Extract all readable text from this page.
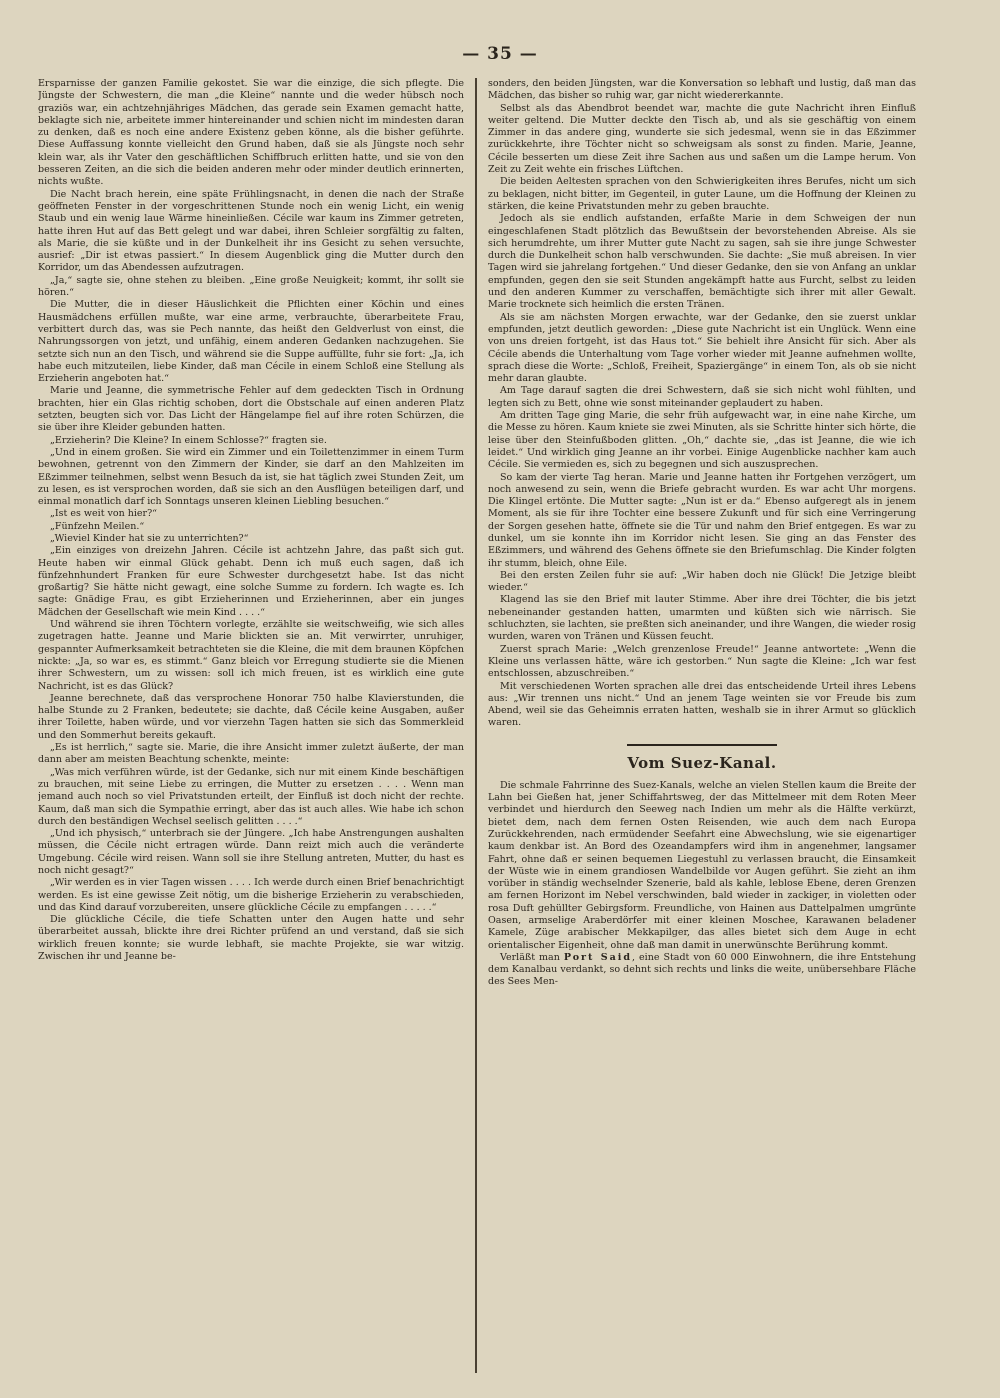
— 35 —

Ersparnisse der ganzen Familie gekostet. Sie war die einzige, die sich pflegte. Die Jüngste der Schwestern, die man „die Kleine“ nannte und die weder hübsch noch graziös war, ein achtzehnjähriges Mädchen, das gerade sein Examen gemacht hatte, beklagte sich nie, arbeitete immer hintereinander und schien nicht im mindesten daran zu denken, daß es noch eine andere Existenz geben könne, als die bisher geführte. Diese Auffassung konnte vielleicht den Grund haben, daß sie als Jüngste noch sehr klein war, als ihr Vater den geschäftlichen Schiffbruch erlitten hatte, und sie von den besseren Zeiten, an die sich die beiden anderen mehr oder minder deutlich erinnerten, nichts wußte.

Die Nacht brach herein, eine späte Frühlingsnacht, in denen die nach der Straße geöffneten Fenster in der vorgeschrittenen Stunde noch ein wenig Licht, ein wenig Staub und ein wenig laue Wärme hineinließen. Cécile war kaum ins Zimmer getreten, hatte ihren Hut auf das Bett gelegt und war dabei, ihren Schleier sorgfältig zu falten, als Marie, die sie küßte und in der Dunkelheit ihr ins Gesicht zu sehen versuchte, ausrief: „Dir ist etwas passiert.“ In diesem Augenblick ging die Mutter durch den Korridor, um das Abendessen aufzutragen.

„Ja,“ sagte sie, ohne stehen zu bleiben. „Eine große Neuigkeit; kommt, ihr sollt sie hören.“

Die Mutter, die in dieser Häuslichkeit die Pflichten einer Köchin und eines Hausmädchens erfüllen mußte, war eine arme, verbrauchte, überarbeitete Frau, verbittert durch das, was sie Pech nannte, das heißt den Geldverlust von einst, die Nahrungssorgen von jetzt, und unfähig, einem anderen Gedanken nachzugehen. Sie setzte sich nun an den Tisch, und während sie die Suppe auffüllte, fuhr sie fort: „Ja, ich habe euch mitzuteilen, liebe Kinder, daß man Cécile in einem Schloß eine Stellung als Erzieherin angeboten hat.“

Marie und Jeanne, die symmetrische Fehler auf dem gedeckten Tisch in Ordnung brachten, hier ein Glas richtig schoben, dort die Obstschale auf einen anderen Platz setzten, beugten sich vor. Das Licht der Hängelampe fiel auf ihre roten Schürzen, die sie über ihre Kleider gebunden hatten.

„Erzieherin? Die Kleine? In einem Schlosse?“ fragten sie.

„Und in einem großen. Sie wird ein Zimmer und ein Toilettenzimmer in einem Turm bewohnen, getrennt von den Zimmern der Kinder, sie darf an den Mahlzeiten im Eßzimmer teilnehmen, selbst wenn Besuch da ist, sie hat täglich zwei Stunden Zeit, um zu lesen, es ist versprochen worden, daß sie sich an den Ausflügen beteiligen darf, und einmal monatlich darf ich Sonntags unseren kleinen Liebling besuchen.“

„Ist es weit von hier?“

„Fünfzehn Meilen.“

„Wieviel Kinder hat sie zu unterrichten?“

„Ein einziges von dreizehn Jahren. Cécile ist achtzehn Jahre, das paßt sich gut. Heute haben wir einmal Glück gehabt. Denn ich muß euch sagen, daß ich fünfzehnhundert Franken für eure Schwester durchgesetzt habe. Ist das nicht großartig? Sie hätte nicht gewagt, eine solche Summe zu fordern. Ich wagte es. Ich sagte: Gnädige Frau, es gibt Erzieherinnen und Erzieherinnen, aber ein junges Mädchen der Gesellschaft wie mein Kind . . . .“

Und während sie ihren Töchtern vorlegte, erzählte sie weitschweifig, wie sich alles zugetragen hatte. Jeanne und Marie blickten sie an. Mit verwirrter, unruhiger, gespannter Aufmerksamkeit betrachteten sie die Kleine, die mit dem braunen Köpfchen nickte: „Ja, so war es, es stimmt.“ Ganz bleich vor Erregung studierte sie die Mienen ihrer Schwestern, um zu wissen: soll ich mich freuen, ist es wirklich eine gute Nachricht, ist es das Glück?

Jeanne berechnete, daß das versprochene Honorar 750 halbe Klavierstunden, die halbe Stunde zu 2 Franken, bedeutete; sie dachte, daß Cécile keine Ausgaben, außer ihrer Toilette, haben würde, und vor vierzehn Tagen hatten sie sich das Sommerkleid und den Sommerhut bereits gekauft.

„Es ist herrlich,“ sagte sie. Marie, die ihre Ansicht immer zuletzt äußerte, der man dann aber am meisten Beachtung schenkte, meinte:

„Was mich verführen würde, ist der Gedanke, sich nur mit einem Kinde beschäftigen zu brauchen, mit seine Liebe zu erringen, die Mutter zu ersetzen . . . . Wenn man jemand auch noch so viel Privatstunden erteilt, der Einfluß ist doch nicht der rechte. Kaum, daß man sich die Sympathie erringt, aber das ist auch alles. Wie habe ich schon durch den beständigen Wechsel seelisch gelitten . . . .“

„Und ich physisch,“ unterbrach sie der Jüngere. „Ich habe Anstrengungen aushalten müssen, die Cécile nicht ertragen würde. Dann reizt mich auch die veränderte Umgebung. Cécile wird reisen. Wann soll sie ihre Stellung antreten, Mutter, du hast es noch nicht gesagt?“

„Wir werden es in vier Tagen wissen . . . . Ich werde durch einen Brief benachrichtigt werden. Es ist eine gewisse Zeit nötig, um die bisherige Erzieherin zu verabschieden, und das Kind darauf vorzubereiten, unsere glückliche Cécile zu empfangen . . . . .“

Die glückliche Cécile, die tiefe Schatten unter den Augen hatte und sehr überarbeitet aussah, blickte ihre drei Richter prüfend an und verstand, daß sie sich wirklich freuen konnte; sie wurde lebhaft, sie machte Projekte, sie war witzig. Zwischen ihr und Jeanne be-

sonders, den beiden Jüngsten, war die Konversation so lebhaft und lustig, daß man das Mädchen, das bisher so ruhig war, gar nicht wiedererkannte.

Selbst als das Abendbrot beendet war, machte die gute Nachricht ihren Einfluß weiter geltend. Die Mutter deckte den Tisch ab, und als sie geschäftig von einem Zimmer in das andere ging, wunderte sie sich jedesmal, wenn sie in das Eßzimmer zurückkehrte, ihre Töchter nicht so schweigsam als sonst zu finden. Marie, Jeanne, Cécile besserten um diese Zeit ihre Sachen aus und saßen um die Lampe herum. Von Zeit zu Zeit wehte ein frisches Lüftchen.

Die beiden Aeltesten sprachen von den Schwierigkeiten ihres Berufes, nicht um sich zu beklagen, nicht bitter, im Gegenteil, in guter Laune, um die Hoffnung der Kleinen zu stärken, die keine Privatstunden mehr zu geben brauchte.

Jedoch als sie endlich aufstanden, erfaßte Marie in dem Schweigen der nun eingeschlafenen Stadt plötzlich das Bewußtsein der bevorstehenden Abreise. Als sie sich herumdrehte, um ihrer Mutter gute Nacht zu sagen, sah sie ihre junge Schwester durch die Dunkelheit schon halb verschwunden. Sie dachte: „Sie muß abreisen. In vier Tagen wird sie jahrelang fortgehen.“ Und dieser Gedanke, den sie von Anfang an unklar empfunden, gegen den sie seit Stunden angekämpft hatte aus Furcht, selbst zu leiden und den anderen Kummer zu verschaffen, bemächtigte sich ihrer mit aller Gewalt. Marie trocknete sich heimlich die ersten Tränen.

Als sie am nächsten Morgen erwachte, war der Gedanke, den sie zuerst unklar empfunden, jetzt deutlich geworden: „Diese gute Nachricht ist ein Unglück. Wenn eine von uns dreien fortgeht, ist das Haus tot.“ Sie behielt ihre Ansicht für sich. Aber als Cécile abends die Unterhaltung vom Tage vorher wieder mit Jeanne aufnehmen wollte, sprach diese die Worte: „Schloß, Freiheit, Spaziergänge“ in einem Ton, als ob sie nicht mehr daran glaubte.

Am Tage darauf sagten die drei Schwestern, daß sie sich nicht wohl fühlten, und legten sich zu Bett, ohne wie sonst miteinander geplaudert zu haben.

Am dritten Tage ging Marie, die sehr früh aufgewacht war, in eine nahe Kirche, um die Messe zu hören. Kaum kniete sie zwei Minuten, als sie Schritte hinter sich hörte, die leise über den Steinfußboden glitten. „Oh,“ dachte sie, „das ist Jeanne, die wie ich leidet.“ Und wirklich ging Jeanne an ihr vorbei. Einige Augenblicke nachher kam auch Cécile. Sie vermieden es, sich zu begegnen und sich auszusprechen.

So kam der vierte Tag heran. Marie und Jeanne hatten ihr Fortgehen verzögert, um noch anwesend zu sein, wenn die Briefe gebracht wurden. Es war acht Uhr morgens. Die Klingel ertönte. Die Mutter sagte: „Nun ist er da.“ Ebenso aufgeregt als in jenem Moment, als sie für ihre Tochter eine bessere Zukunft und für sich eine Verringerung der Sorgen gesehen hatte, öffnete sie die Tür und nahm den Brief entgegen. Es war zu dunkel, um sie konnte ihn im Korridor nicht lesen. Sie ging an das Fenster des Eßzimmers, und während des Gehens öffnete sie den Briefumschlag. Die Kinder folgten ihr stumm, bleich, ohne Eile.

Bei den ersten Zeilen fuhr sie auf: „Wir haben doch nie Glück! Die Jetzige bleibt wieder.“

Klagend las sie den Brief mit lauter Stimme. Aber ihre drei Töchter, die bis jetzt nebeneinander gestanden hatten, umarmten und küßten sich wie närrisch. Sie schluchzten, sie lachten, sie preßten sich aneinander, und ihre Wangen, die wieder rosig wurden, waren von Tränen und Küssen feucht.

Zuerst sprach Marie: „Welch grenzenlose Freude!“ Jeanne antwortete: „Wenn die Kleine uns verlassen hätte, wäre ich gestorben.“ Nun sagte die Kleine: „Ich war fest entschlossen, abzuschreiben.“

Mit verschiedenen Worten sprachen alle drei das entscheidende Urteil ihres Lebens aus: „Wir trennen uns nicht.“ Und an jenem Tage weinten sie vor Freude bis zum Abend, weil sie das Geheimnis erraten hatten, weshalb sie in ihrer Armut so glücklich waren.

Vom Suez-Kanal.

Die schmale Fahrrinne des Suez-Kanals, welche an vielen Stellen kaum die Breite der Lahn bei Gießen hat, jener Schiffahrtsweg, der das Mittelmeer mit dem Roten Meer verbindet und hierdurch den Seeweg nach Indien um mehr als die Hälfte verkürzt, bietet dem, nach dem fernen Osten Reisenden, wie auch dem nach Europa Zurückkehrenden, nach ermüdender Seefahrt eine Abwechslung, wie sie eigenartiger kaum denkbar ist. An Bord des Ozeandampfers wird ihm in angenehmer, langsamer Fahrt, ohne daß er seinen bequemen Liegestuhl zu verlassen braucht, die Einsamkeit der Wüste wie in einem grandiosen Wandelbilde vor Augen geführt. Sie zieht an ihm vorüber in ständig wechselnder Szenerie, bald als kahle, leblose Ebene, deren Grenzen am fernen Horizont im Nebel verschwinden, bald wieder in zackiger, in violetten oder rosa Duft gehüllter Gebirgsform. Freundliche, von Hainen aus Dattelpalmen umgrünte Oasen, armselige Araberdörfer mit einer kleinen Moschee, Karawanen beladener Kamele, Züge arabischer Mekkapilger, das alles bietet sich dem Auge in echt orientalischer Eigenheit, ohne daß man damit in unerwünschte Berührung kommt.

Verläßt man Port Said, eine Stadt von 60 000 Einwohnern, die ihre Entstehung dem Kanalbau verdankt, so dehnt sich rechts und links die weite, unübersehbare Fläche des Sees Men-
